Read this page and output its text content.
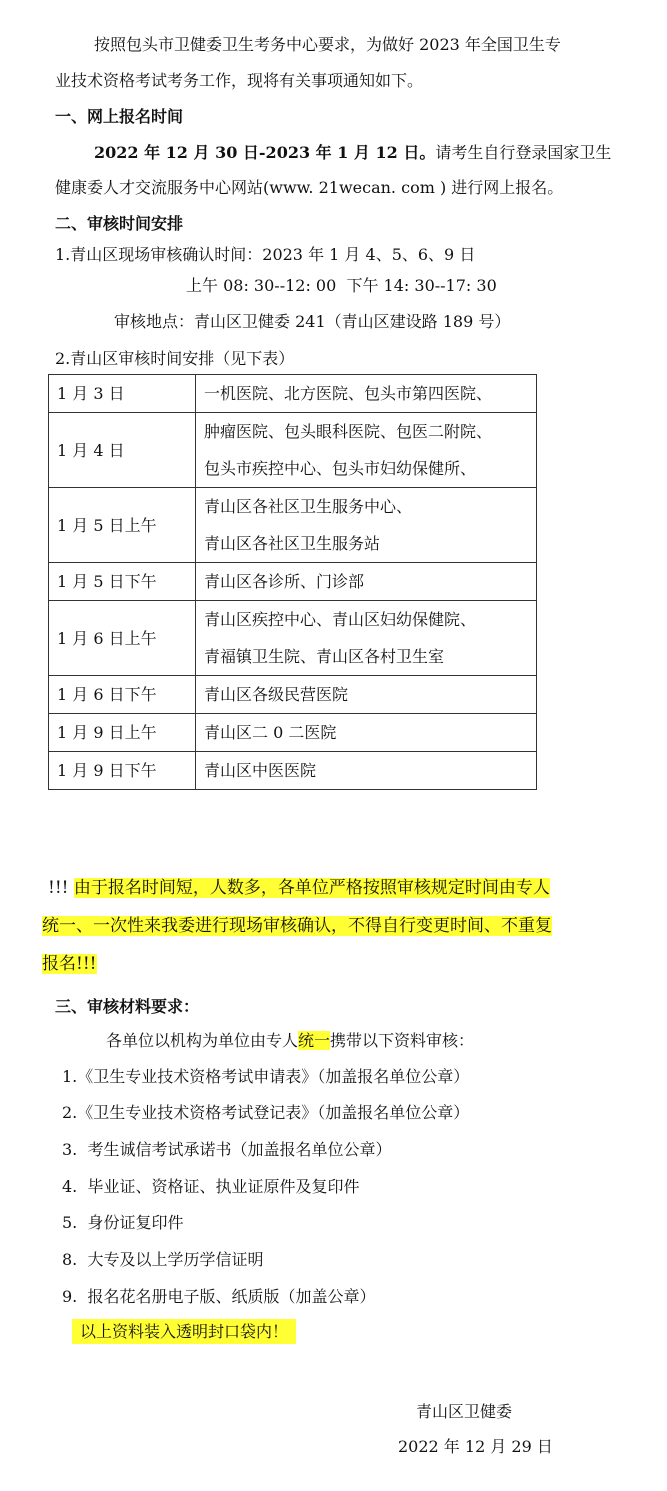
按照包头市卫健委卫生考务中心要求，为做好 2023 年全国卫生专
业技术资格考试考务工作，现将有关事项通知如下。
一、网上报名时间
2022 年 12 月 30 日-2023 年 1 月 12 日。请考生自行登录国家卫生
健康委人才交流服务中心网站(www. 21wecan. com ) 进行网上报名。
二、审核时间安排
1.青山区现场审核确认时间：2023 年 1 月 4、5、6、9 日
上午 08: 30--12: 00  下午 14: 30--17: 30
审核地点：青山区卫健委 241（青山区建设路 189 号）
2.青山区审核时间安排（见下表）
1 月 3 日	一机医院、北方医院、包头市第四医院、

1 月 4 日	肿瘤医院、包头眼科医院、包医二附院、
包头市疾控中心、包头市妇幼保健所、

1 月 5 日上午	青山区各社区卫生服务中心、
青山区各社区卫生服务站

1 月 5 日下午	青山区各诊所、门诊部

1 月 6 日上午	青山区疾控中心、青山区妇幼保健院、
青福镇卫生院、青山区各村卫生室

1 月 6 日下午	青山区各级民营医院

1 月 9 日上午	青山区二 0 二医院

1 月 9 日下午	青山区中医医院
!!! 由于报名时间短，人数多，各单位严格按照审核规定时间由专人
统一、一次性来我委进行现场审核确认，不得自行变更时间、不重复
报名!!!
三、审核材料要求：
各单位以机构为单位由专人统一携带以下资料审核：
1.《卫生专业技术资格考试申请表》（加盖报名单位公章）
2.《卫生专业技术资格考试登记表》（加盖报名单位公章）
3.  考生诚信考试承诺书（加盖报名单位公章）
4.  毕业证、资格证、执业证原件及复印件
5.  身份证复印件
8.  大专及以上学历学信证明
9.  报名花名册电子版、纸质版（加盖公章）
以上资料装入透明封口袋内！
青山区卫健委
2022 年 12 月 29 日
